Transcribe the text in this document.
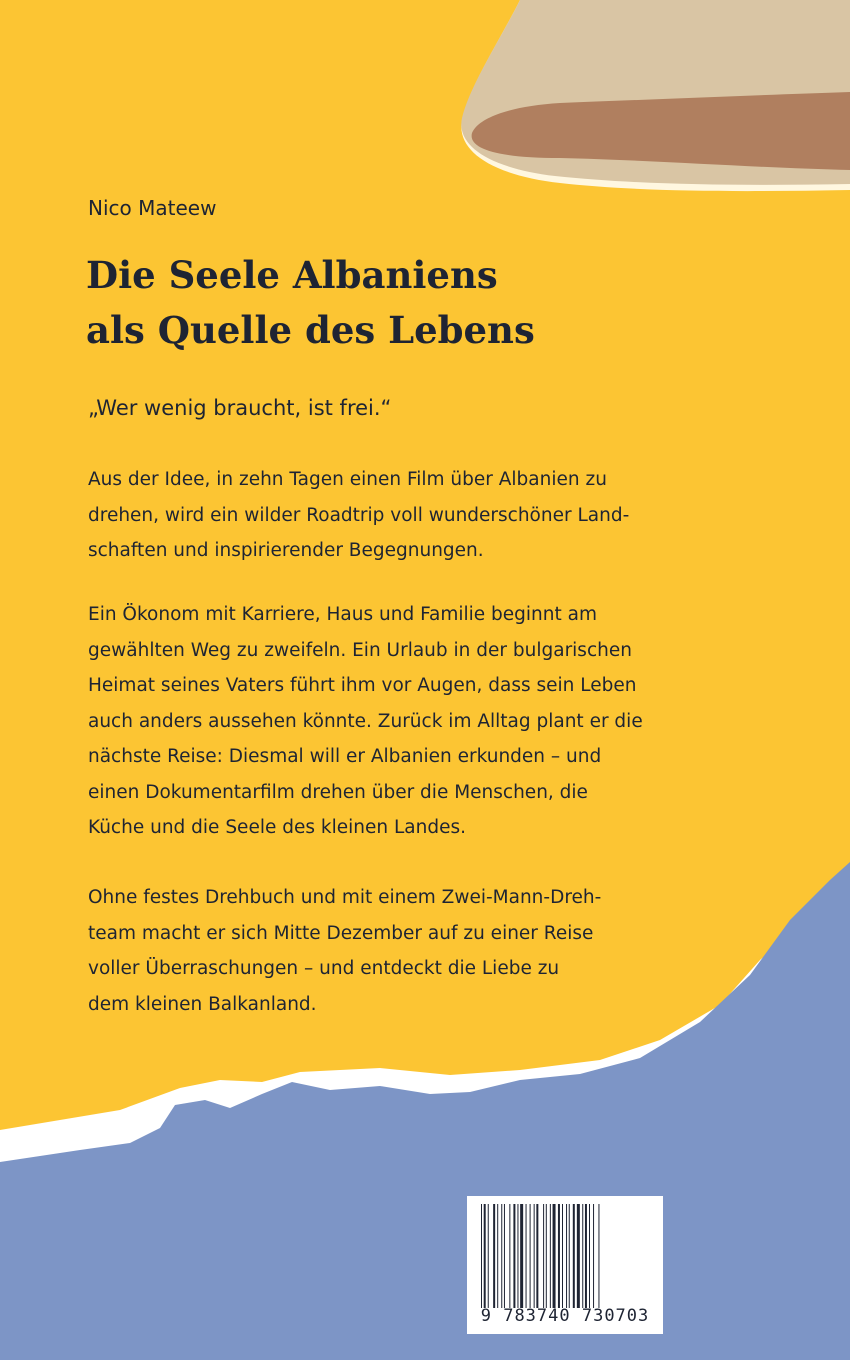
Nico Mateew
Die Seele Albaniens
als Quelle des Lebens
„Wer wenig braucht, ist frei.“

Aus der Idee, in zehn Tagen einen Film über Albanien zu
drehen, wird ein wilder Roadtrip voll wunderschöner Land-
schaften und inspirierender Begegnungen.

Ein Ökonom mit Karriere, Haus und Familie beginnt am
gewählten Weg zu zweifeln. Ein Urlaub in der bulgarischen
Heimat seines Vaters führt ihm vor Augen, dass sein Leben
auch anders aussehen könnte. Zurück im Alltag plant er die
nächste Reise: Diesmal will er Albanien erkunden – und
einen Dokumentarfilm drehen über die Menschen, die
Küche und die Seele des kleinen Landes.

Ohne festes Drehbuch und mit einem Zwei-Mann-Dreh-
team macht er sich Mitte Dezember auf zu einer Reise
voller Überraschungen – und entdeckt die Liebe zu
dem kleinen Balkanland.

9 783740 730703
